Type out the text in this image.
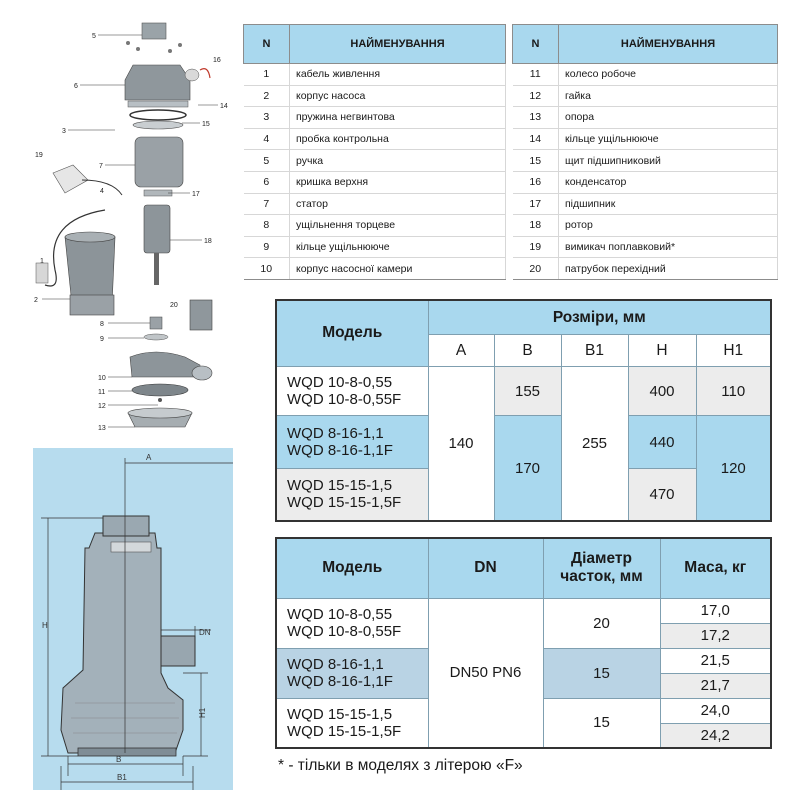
5
16
6
14
15
3
19
7
17
4
18
1
2
20
8
9
10
11
12
13
A
H
H1
DN
B
B1
N	НАЙМЕНУВАННЯ
1	кабель живлення
2	корпус насоса
3	пружина негвинтова
4	пробка контрольна
5	ручка
6	кришка верхня
7	статор
8	ущільнення торцеве
9	кільце ущільнююче
10	корпус насосної камери
N	НАЙМЕНУВАННЯ
11	колесо робоче
12	гайка
13	опора
14	кільце ущільнююче
15	щит підшипниковий
16	конденсатор
17	підшипник
18	ротор
19	вимикач поплавковий*
20	патрубок перехідний
Модель	Розміри, мм				
	A	B	B1	H	H1

WQD 10-8-0,55
WQD 10-8-0,55F	140	155	255	400	110

WQD 8-16-1,1
WQD 8-16-1,1F		170		440	120

WQD 15-15-1,5
WQD 15-15-1,5F				470	
Модель	DN	Діаметр
часток, мм	Маса, кг

WQD 10-8-0,55
WQD 10-8-0,55F	DN50 PN6	20	17,0
			17,2

WQD 8-16-1,1
WQD 8-16-1,1F		15	21,5
			21,7

WQD 15-15-1,5
WQD 15-15-1,5F		15	24,0
			24,2
* - тільки в моделях з літерою «F»
